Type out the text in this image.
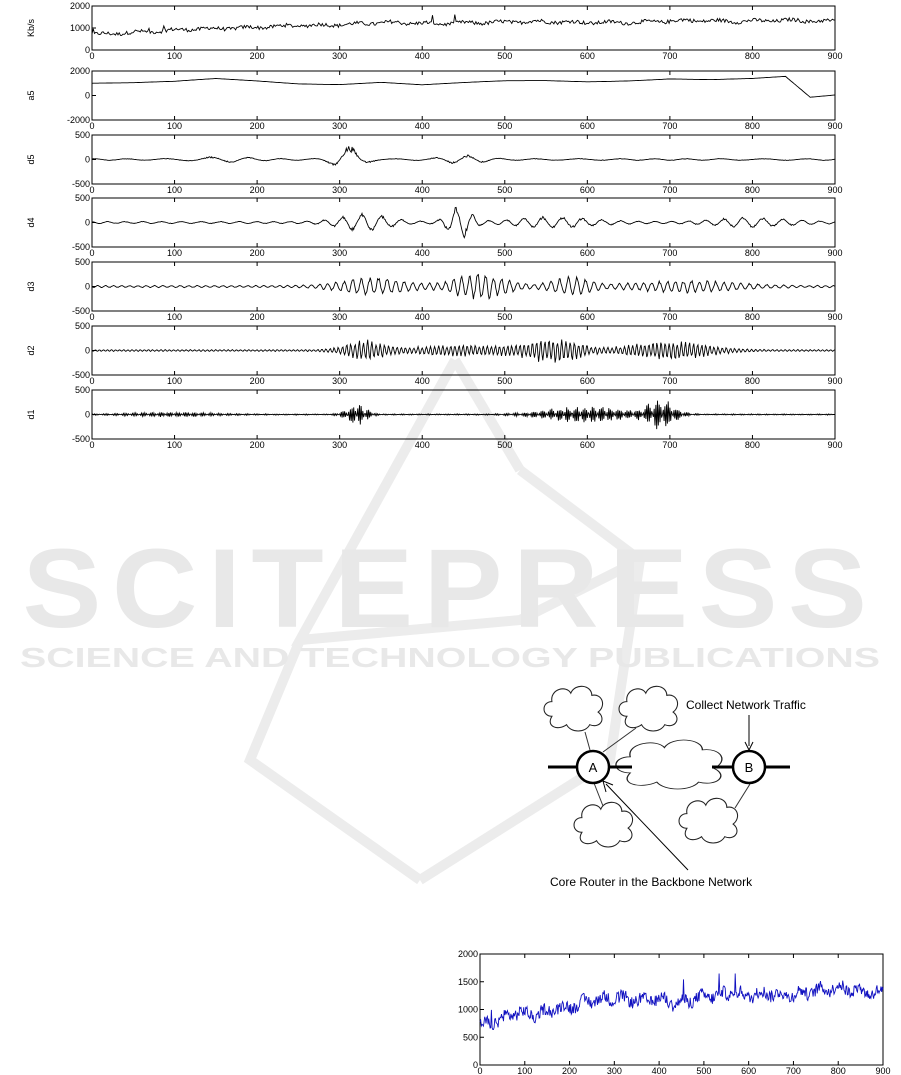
SCITEPRESS
SCIENCE AND TECHNOLOGY PUBLICATIONS
0	100	200	300	400	500	600	700	800	900
0
1000
2000
Kb/s
0	100	200	300	400	500	600	700	800	900
-2000
0
2000
a5
0	100	200	300	400	500	600	700	800	900
-500
0
500
d5
0	100	200	300	400	500	600	700	800	900
-500
0
500
d4
0	100	200	300	400	500	600	700	800	900
-500
0
500
d3
0	100	200	300	400	500	600	700	800	900
-500
0
500
d2
0	100	200	300	400	500	600	700	800	900
-500
0
500
d1
A	B
Collect Network Traffic
Core Router in the Backbone Network
0	100	200	300	400	500	600	700	800	900
0
500
1000
1500
2000
